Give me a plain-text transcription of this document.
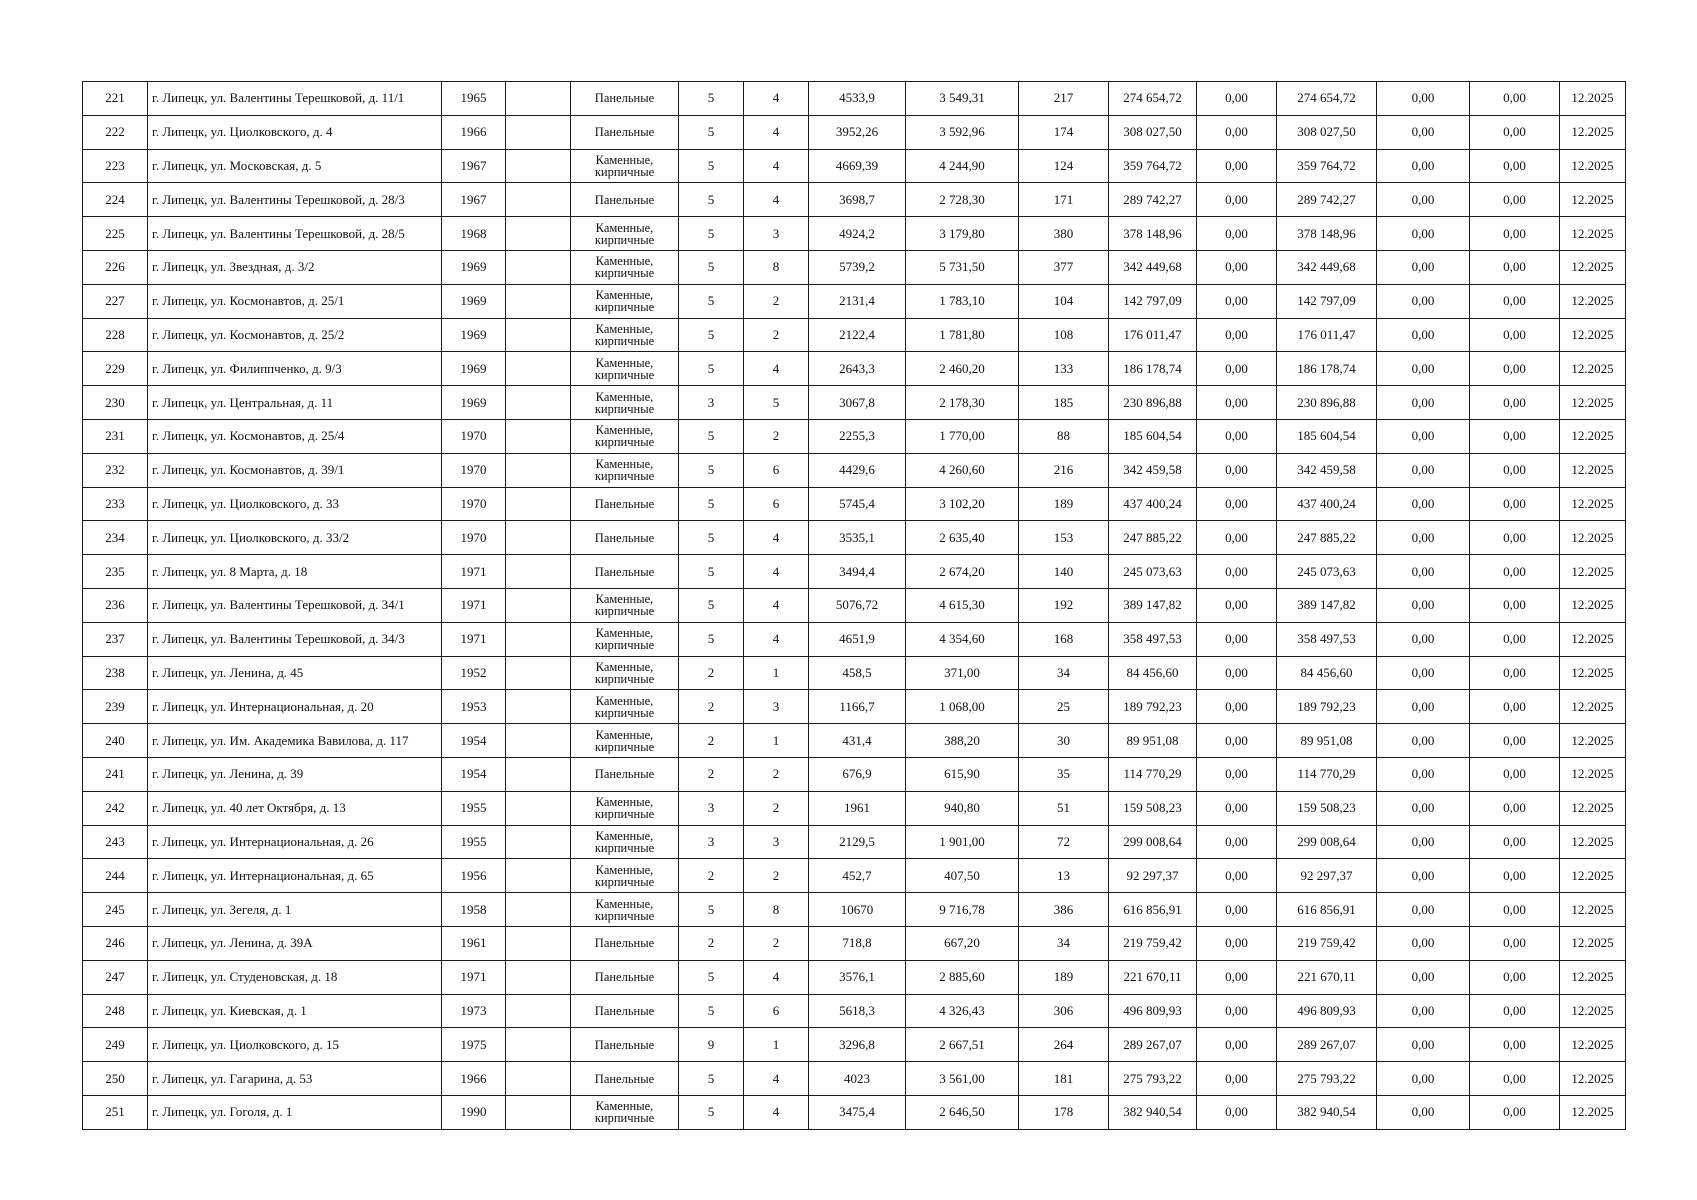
221	г. Липецк, ул. Валентины Терешковой, д. 11/1	1965		Панельные	5	4	4533,9	3 549,31	217	274 654,72	0,00	274 654,72	0,00	0,00	12.2025
222	г. Липецк, ул. Циолковского, д. 4	1966		Панельные	5	4	3952,26	3 592,96	174	308 027,50	0,00	308 027,50	0,00	0,00	12.2025
223	г. Липецк, ул. Московская, д. 5	1967		Каменные, кирпичные	5	4	4669,39	4 244,90	124	359 764,72	0,00	359 764,72	0,00	0,00	12.2025
224	г. Липецк, ул. Валентины Терешковой, д. 28/3	1967		Панельные	5	4	3698,7	2 728,30	171	289 742,27	0,00	289 742,27	0,00	0,00	12.2025
225	г. Липецк, ул. Валентины Терешковой, д. 28/5	1968		Каменные, кирпичные	5	3	4924,2	3 179,80	380	378 148,96	0,00	378 148,96	0,00	0,00	12.2025
226	г. Липецк, ул. Звездная, д. 3/2	1969		Каменные, кирпичные	5	8	5739,2	5 731,50	377	342 449,68	0,00	342 449,68	0,00	0,00	12.2025
227	г. Липецк, ул. Космонавтов, д. 25/1	1969		Каменные, кирпичные	5	2	2131,4	1 783,10	104	142 797,09	0,00	142 797,09	0,00	0,00	12.2025
228	г. Липецк, ул. Космонавтов, д. 25/2	1969		Каменные, кирпичные	5	2	2122,4	1 781,80	108	176 011,47	0,00	176 011,47	0,00	0,00	12.2025
229	г. Липецк, ул. Филиппченко, д. 9/3	1969		Каменные, кирпичные	5	4	2643,3	2 460,20	133	186 178,74	0,00	186 178,74	0,00	0,00	12.2025
230	г. Липецк, ул. Центральная, д. 11	1969		Каменные, кирпичные	3	5	3067,8	2 178,30	185	230 896,88	0,00	230 896,88	0,00	0,00	12.2025
231	г. Липецк, ул. Космонавтов, д. 25/4	1970		Каменные, кирпичные	5	2	2255,3	1 770,00	88	185 604,54	0,00	185 604,54	0,00	0,00	12.2025
232	г. Липецк, ул. Космонавтов, д. 39/1	1970		Каменные, кирпичные	5	6	4429,6	4 260,60	216	342 459,58	0,00	342 459,58	0,00	0,00	12.2025
233	г. Липецк, ул. Циолковского, д. 33	1970		Панельные	5	6	5745,4	3 102,20	189	437 400,24	0,00	437 400,24	0,00	0,00	12.2025
234	г. Липецк, ул. Циолковского, д. 33/2	1970		Панельные	5	4	3535,1	2 635,40	153	247 885,22	0,00	247 885,22	0,00	0,00	12.2025
235	г. Липецк, ул. 8 Марта, д. 18	1971		Панельные	5	4	3494,4	2 674,20	140	245 073,63	0,00	245 073,63	0,00	0,00	12.2025
236	г. Липецк, ул. Валентины Терешковой, д. 34/1	1971		Каменные, кирпичные	5	4	5076,72	4 615,30	192	389 147,82	0,00	389 147,82	0,00	0,00	12.2025
237	г. Липецк, ул. Валентины Терешковой, д. 34/3	1971		Каменные, кирпичные	5	4	4651,9	4 354,60	168	358 497,53	0,00	358 497,53	0,00	0,00	12.2025
238	г. Липецк, ул. Ленина, д. 45	1952		Каменные, кирпичные	2	1	458,5	371,00	34	84 456,60	0,00	84 456,60	0,00	0,00	12.2025
239	г. Липецк, ул. Интернациональная, д. 20	1953		Каменные, кирпичные	2	3	1166,7	1 068,00	25	189 792,23	0,00	189 792,23	0,00	0,00	12.2025
240	г. Липецк, ул. Им. Академика Вавилова, д. 117	1954		Каменные, кирпичные	2	1	431,4	388,20	30	89 951,08	0,00	89 951,08	0,00	0,00	12.2025
241	г. Липецк, ул. Ленина, д. 39	1954		Панельные	2	2	676,9	615,90	35	114 770,29	0,00	114 770,29	0,00	0,00	12.2025
242	г. Липецк, ул. 40 лет Октября, д. 13	1955		Каменные, кирпичные	3	2	1961	940,80	51	159 508,23	0,00	159 508,23	0,00	0,00	12.2025
243	г. Липецк, ул. Интернациональная, д. 26	1955		Каменные, кирпичные	3	3	2129,5	1 901,00	72	299 008,64	0,00	299 008,64	0,00	0,00	12.2025
244	г. Липецк, ул. Интернациональная, д. 65	1956		Каменные, кирпичные	2	2	452,7	407,50	13	92 297,37	0,00	92 297,37	0,00	0,00	12.2025
245	г. Липецк, ул. Зегеля, д. 1	1958		Каменные, кирпичные	5	8	10670	9 716,78	386	616 856,91	0,00	616 856,91	0,00	0,00	12.2025
246	г. Липецк, ул. Ленина, д. 39А	1961		Панельные	2	2	718,8	667,20	34	219 759,42	0,00	219 759,42	0,00	0,00	12.2025
247	г. Липецк, ул. Студеновская, д. 18	1971		Панельные	5	4	3576,1	2 885,60	189	221 670,11	0,00	221 670,11	0,00	0,00	12.2025
248	г. Липецк, ул. Киевская, д. 1	1973		Панельные	5	6	5618,3	4 326,43	306	496 809,93	0,00	496 809,93	0,00	0,00	12.2025
249	г. Липецк, ул. Циолковского, д. 15	1975		Панельные	9	1	3296,8	2 667,51	264	289 267,07	0,00	289 267,07	0,00	0,00	12.2025
250	г. Липецк, ул. Гагарина, д. 53	1966		Панельные	5	4	4023	3 561,00	181	275 793,22	0,00	275 793,22	0,00	0,00	12.2025
251	г. Липецк, ул. Гоголя, д. 1	1990		Каменные, кирпичные	5	4	3475,4	2 646,50	178	382 940,54	0,00	382 940,54	0,00	0,00	12.2025
